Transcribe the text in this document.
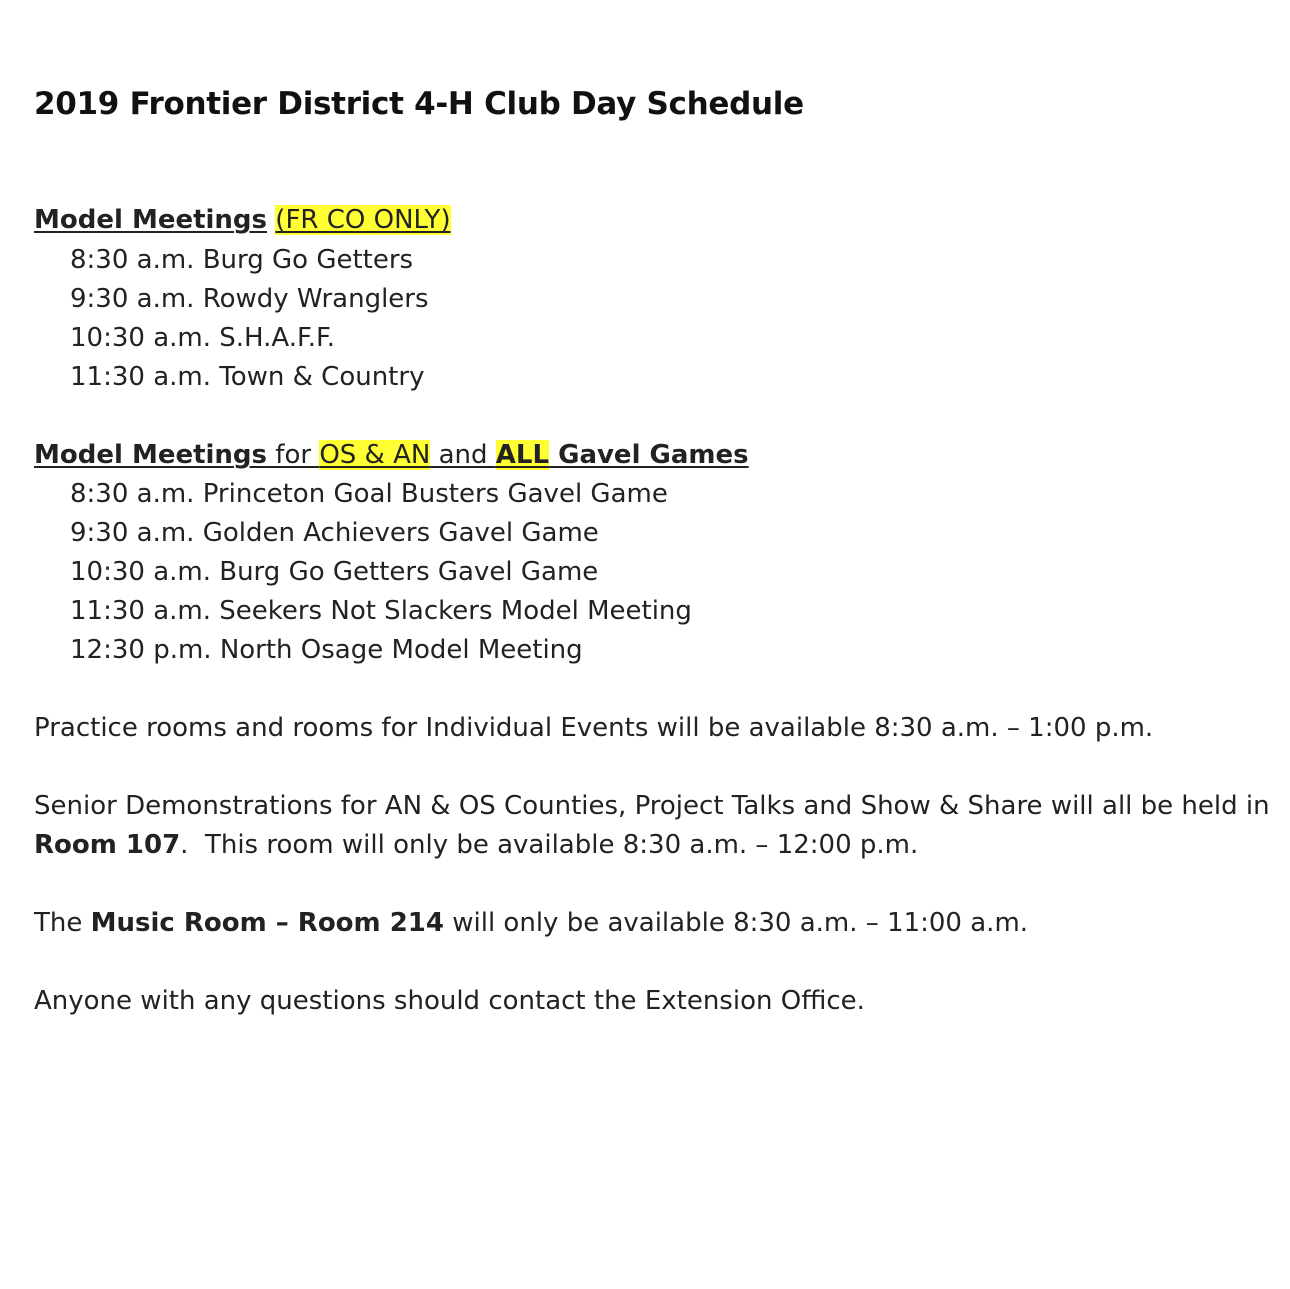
2019 Frontier District 4-H Club Day Schedule
Model Meetings (FR CO ONLY)
8:30 a.m. Burg Go Getters
9:30 a.m. Rowdy Wranglers
10:30 a.m. S.H.A.F.F.
11:30 a.m. Town & Country
Model Meetings for OS & AN and ALL Gavel Games
8:30 a.m. Princeton Goal Busters Gavel Game
9:30 a.m. Golden Achievers Gavel Game
10:30 a.m. Burg Go Getters Gavel Game
11:30 a.m. Seekers Not Slackers Model Meeting
12:30 p.m. North Osage Model Meeting
Practice rooms and rooms for Individual Events will be available 8:30 a.m. – 1:00 p.m.
Senior Demonstrations for AN & OS Counties, Project Talks and Show & Share will all be held in
Room 107.  This room will only be available 8:30 a.m. – 12:00 p.m.
The Music Room – Room 214 will only be available 8:30 a.m. – 11:00 a.m.
Anyone with any questions should contact the Extension Office.
